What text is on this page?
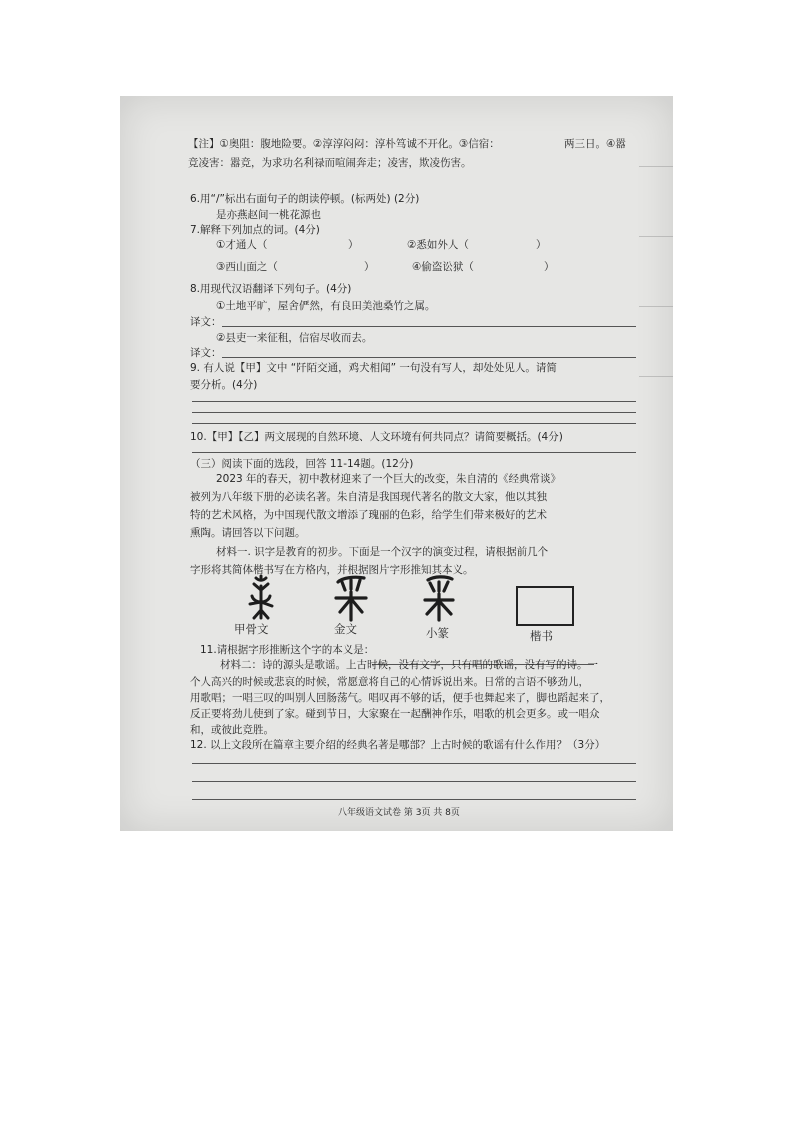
【注】①奥阻：腹地险要。②淳淳闷闷：淳朴笃诚不开化。③信宿：	两三日。④嚣
竞凌害：嚣竞，为求功名利禄而喧闹奔走；凌害，欺凌伤害。
6.用“/”标出右面句子的朗读停顿。(标两处) (2分)
是亦燕赵间一桃花源也
7.解释下列加点的词。(4分)
①才通人（	）	②悉如外人（	）
③西山面之（	）	④偷盗讼狱（	）
8.用现代汉语翻译下列句子。(4分)
①土地平旷，屋舍俨然，有良田美池桑竹之属。
译文：
②县吏一来征租，信宿尽收而去。
译文：
9. 有人说【甲】文中 “阡陌交通，鸡犬相闻” 一句没有写人，却处处见人。请简
要分析。(4分)
10.【甲】【乙】两文展现的自然环境、人文环境有何共同点？请简要概括。(4分)
（三）阅读下面的选段，回答 11-14题。(12分)
2023 年的春天，初中教材迎来了一个巨大的改变，朱自清的《经典常谈》
被列为八年级下册的必读名著。朱自清是我国现代著名的散文大家，他以其独
特的艺术风格，为中国现代散文增添了瑰丽的色彩，给学生们带来极好的艺术
熏陶。请回答以下问题。
材料一. 识字是教育的初步。下面是一个汉字的演变过程，请根据前几个
字形将其简体楷书写在方格内，并根据图片字形推知其本义。
甲骨文	金文	小篆	楷书
11.请根据字形推断这个字的本义是：
材料二：诗的源头是歌谣。上古时候，没有文字，只有唱的歌谣，没有写的诗。一
个人高兴的时候或悲哀的时候，常愿意将自己的心情诉说出来。日常的言语不够劲儿，
用歌唱；一唱三叹的叫别人回肠荡气。唱叹再不够的话，便手也舞起来了，脚也蹈起来了，
反正要将劲儿使到了家。碰到节日，大家聚在一起酬神作乐，唱歌的机会更多。或一唱众
和，或彼此竞胜。
12. 以上文段所在篇章主要介绍的经典名著是哪部？上古时候的歌谣有什么作用？（3分）
八年级语文试卷 第 3页 共 8页
